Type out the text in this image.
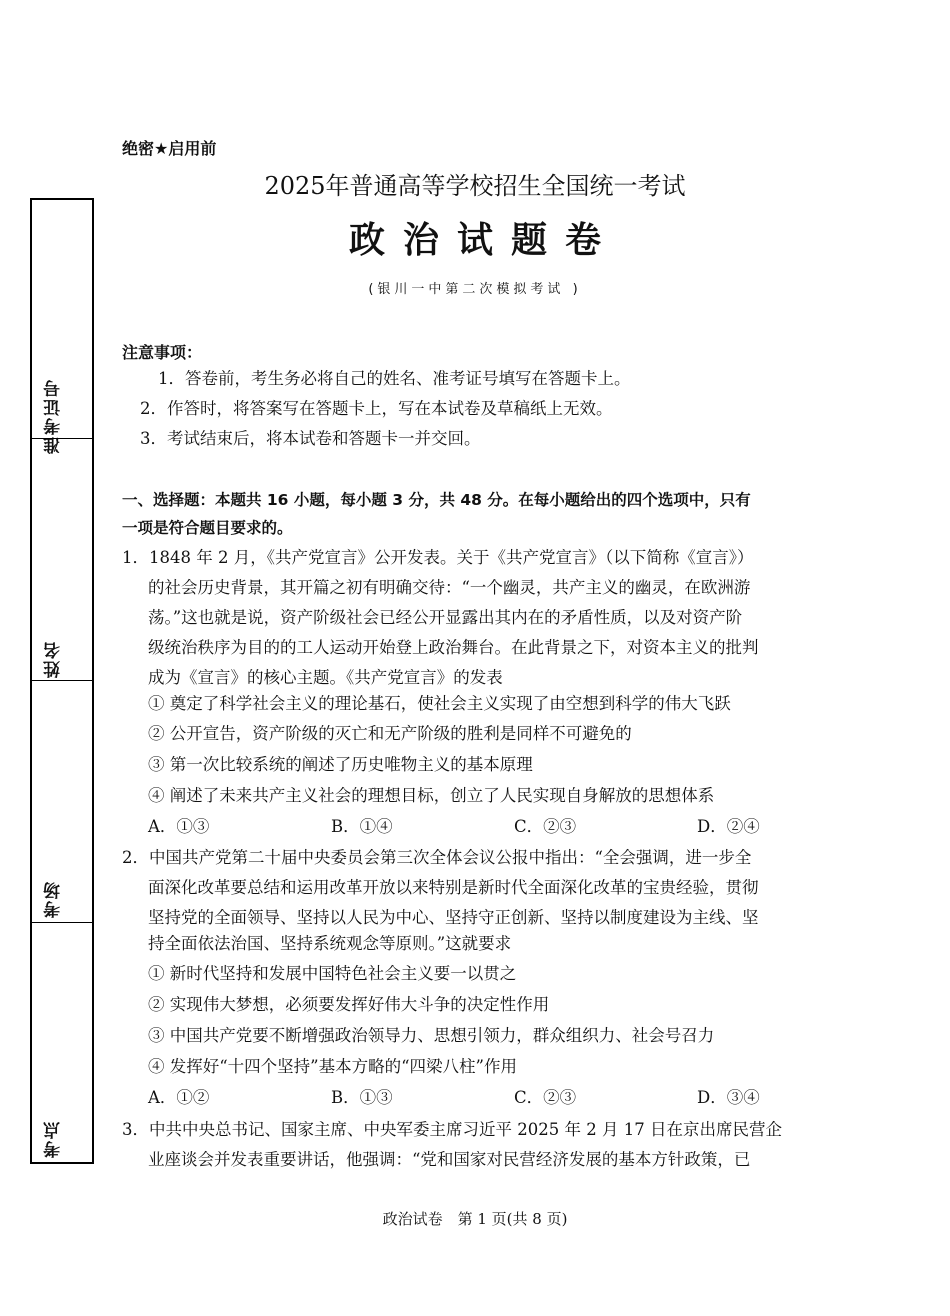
准考证号
姓名
考场
考点
绝密★启用前
2025年普通高等学校招生全国统一考试
政治试题卷
(银川一中第二次模拟考试 )
注意事项：
1．答卷前，考生务必将自己的姓名、准考证号填写在答题卡上。
2．作答时，将答案写在答题卡上，写在本试卷及草稿纸上无效。
3．考试结束后，将本试卷和答题卡一并交回。
一、选择题：本题共 16 小题，每小题 3 分，共 48 分。在每小题给出的四个选项中，只有
一项是符合题目要求的。
1．1848 年 2 月，《共产党宣言》公开发表。关于《共产党宣言》（以下简称《宣言》）
的社会历史背景，其开篇之初有明确交待：“一个幽灵，共产主义的幽灵，在欧洲游
荡。”这也就是说，资产阶级社会已经公开显露出其内在的矛盾性质，以及对资产阶
级统治秩序为目的的工人运动开始登上政治舞台。在此背景之下，对资本主义的批判
成为《宣言》的核心主题。《共产党宣言》的发表
① 奠定了科学社会主义的理论基石，使社会主义实现了由空想到科学的伟大飞跃
② 公开宣告，资产阶级的灭亡和无产阶级的胜利是同样不可避免的
③ 第一次比较系统的阐述了历史唯物主义的基本原理
④ 阐述了未来共产主义社会的理想目标，创立了人民实现自身解放的思想体系
A．①③	B．①④	C．②③	D．②④
2．中国共产党第二十届中央委员会第三次全体会议公报中指出：“全会强调，进一步全
面深化改革要总结和运用改革开放以来特别是新时代全面深化改革的宝贵经验，贯彻
坚持党的全面领导、坚持以人民为中心、坚持守正创新、坚持以制度建设为主线、坚
持全面依法治国、坚持系统观念等原则。”这就要求
① 新时代坚持和发展中国特色社会主义要一以贯之
② 实现伟大梦想，必须要发挥好伟大斗争的决定性作用
③ 中国共产党要不断增强政治领导力、思想引领力，群众组织力、社会号召力
④ 发挥好“十四个坚持”基本方略的“四梁八柱”作用
A．①②	B．①③	C．②③	D．③④
3．中共中央总书记、国家主席、中央军委主席习近平 2025 年 2 月 17 日在京出席民营企
业座谈会并发表重要讲话，他强调：“党和国家对民营经济发展的基本方针政策，已
政治试卷　第 1 页(共 8 页)
